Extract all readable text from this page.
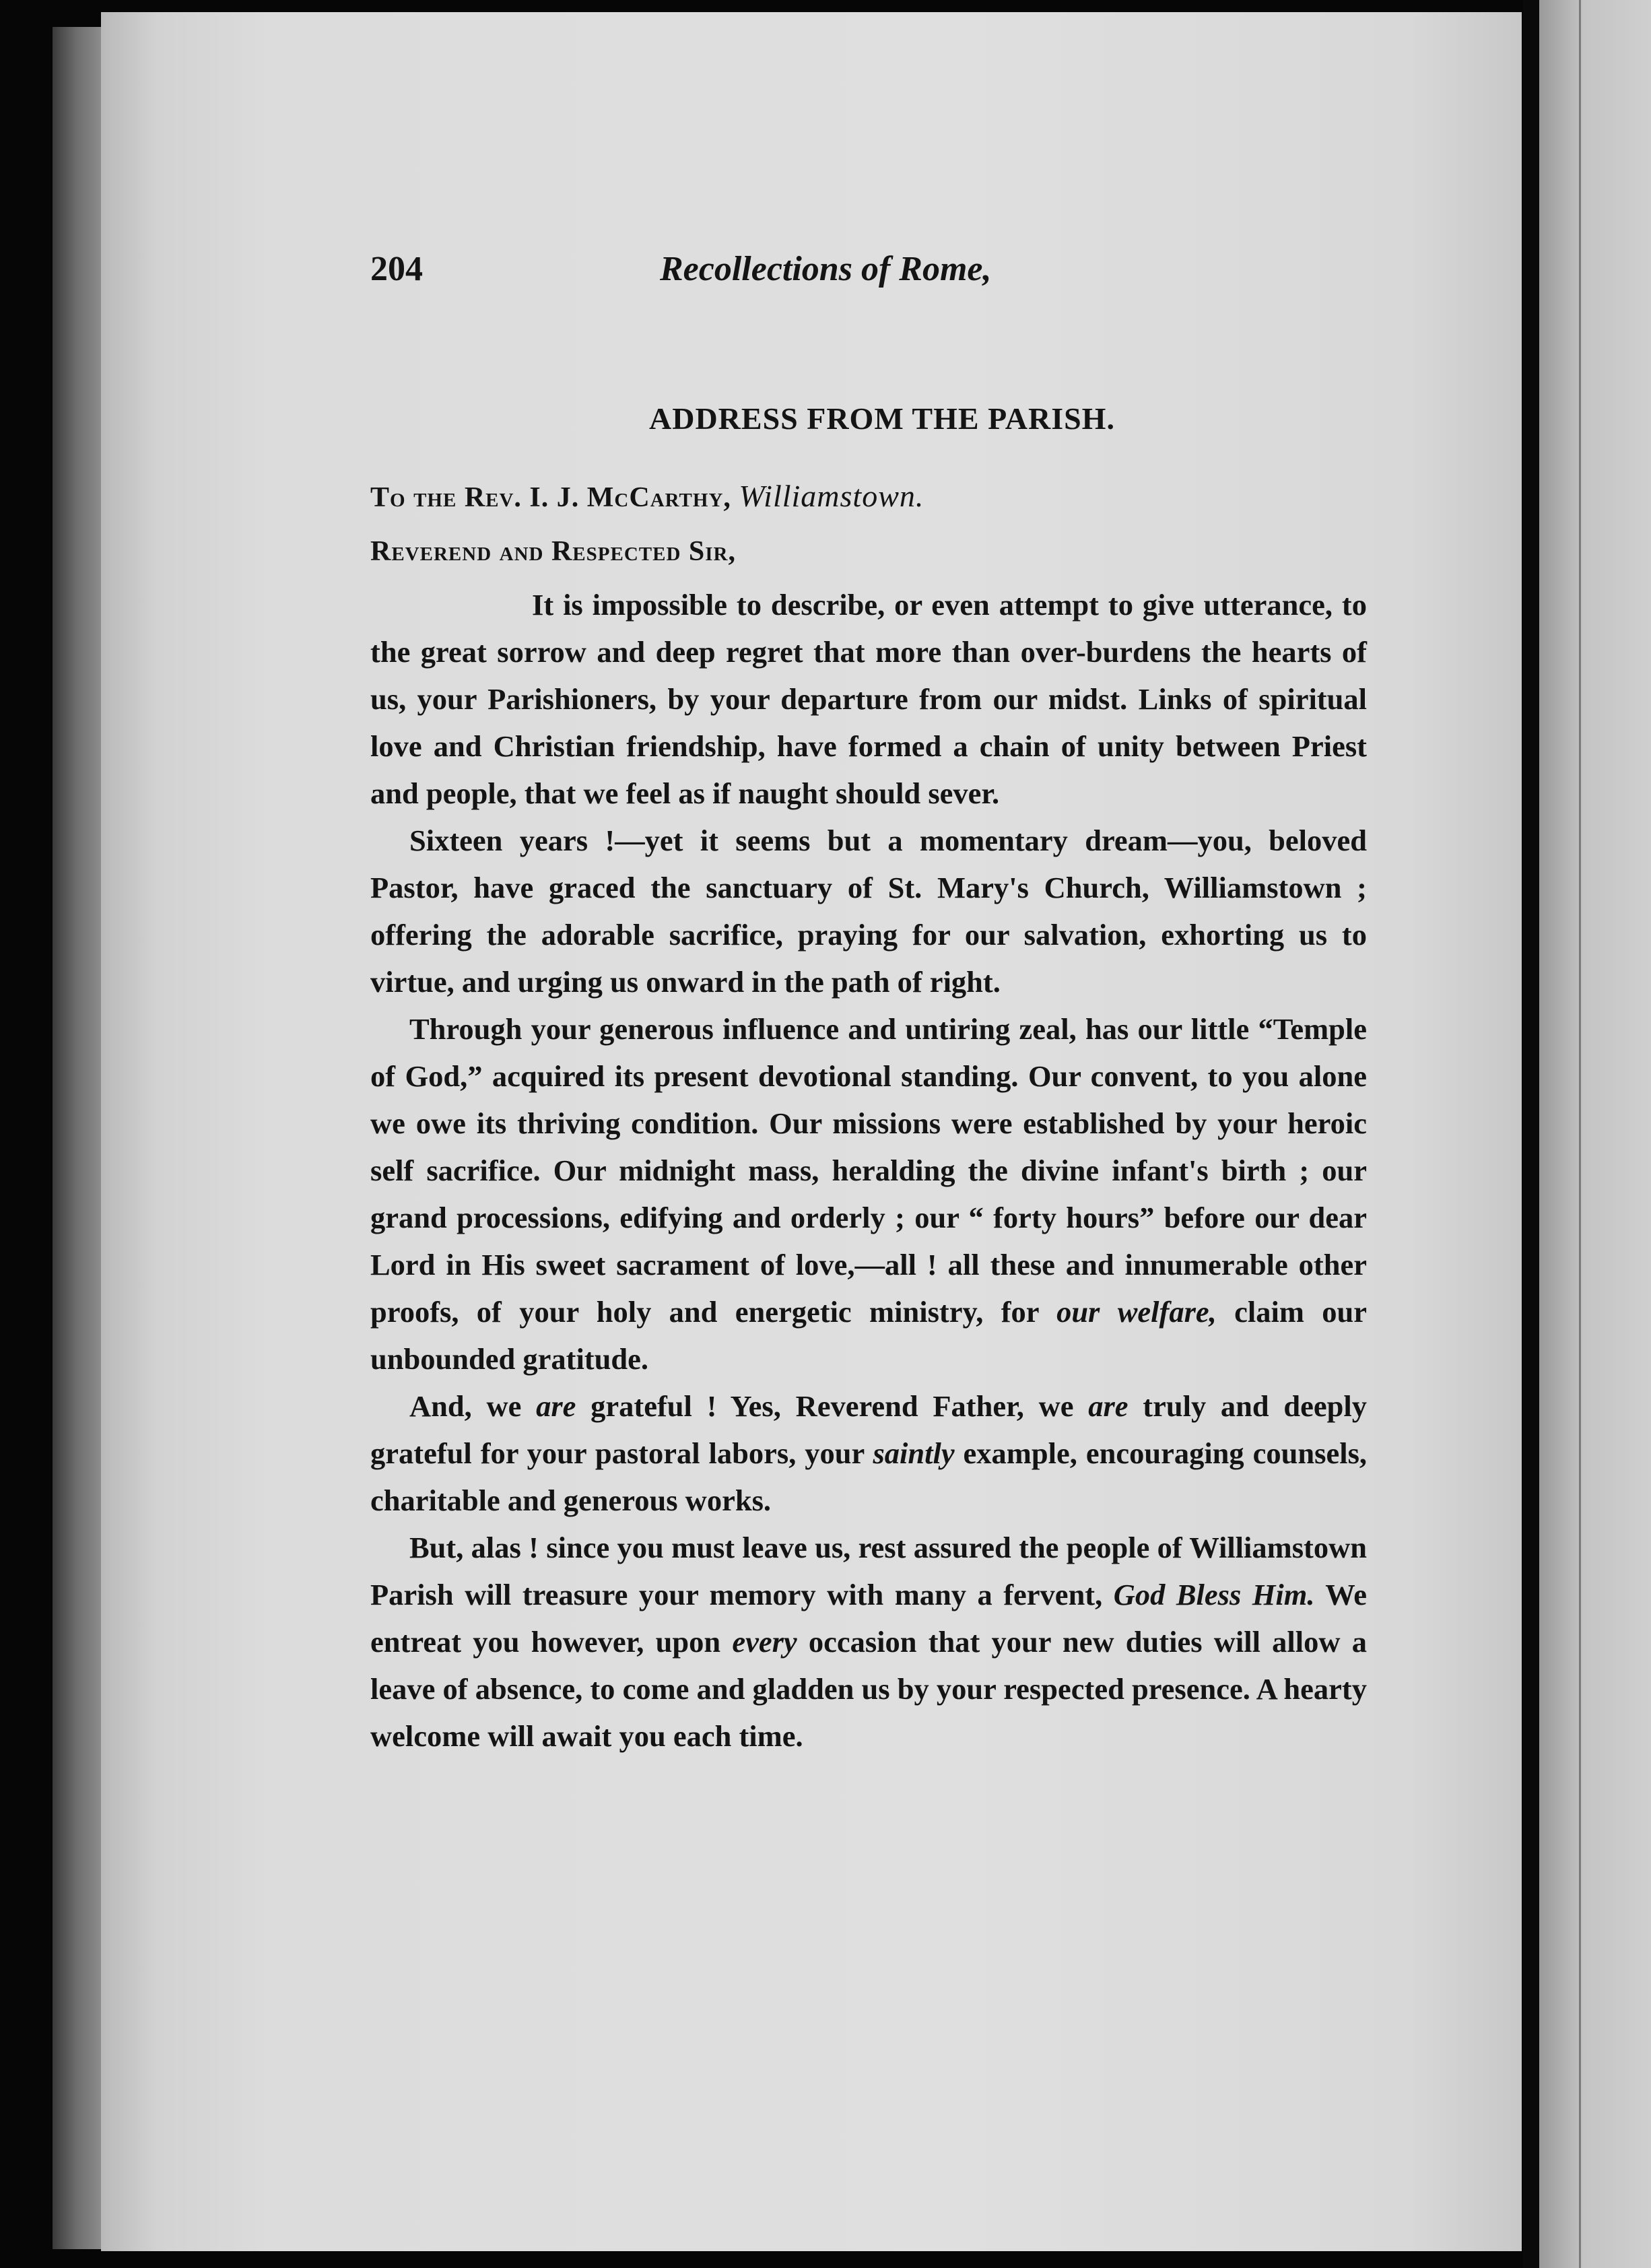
204	Recollections of Rome,
ADDRESS FROM THE PARISH.
To the Rev. I. J. McCarthy, Williamstown.
Reverend and Respected Sir,

It is impossible to describe, or even attempt to give utterance, to the great sorrow and deep regret that more than over-burdens the hearts of us, your Parishioners, by your departure from our midst. Links of spiritual love and Christian friendship, have formed a chain of unity between Priest and people, that we feel as if naught should sever.

Sixteen years !—yet it seems but a momentary dream—you, beloved Pastor, have graced the sanctuary of St. Mary's Church, Williamstown ; offering the adorable sacrifice, praying for our salvation, exhorting us to virtue, and urging us onward in the path of right.

Through your generous influence and untiring zeal, has our little “Temple of God,” acquired its present devotional standing. Our convent, to you alone we owe its thriving condition. Our missions were established by your heroic self sacrifice. Our midnight mass, heralding the divine infant's birth ; our grand processions, edifying and orderly ; our “ forty hours” before our dear Lord in His sweet sacrament of love,—all ! all these and innumerable other proofs, of your holy and energetic ministry, for our welfare, claim our unbounded gratitude.

And, we are grateful ! Yes, Reverend Father, we are truly and deeply grateful for your pastoral labors, your saintly example, encouraging counsels, charitable and generous works.

But, alas ! since you must leave us, rest assured the people of Williamstown Parish will treasure your memory with many a fervent, God Bless Him. We entreat you however, upon every occasion that your new duties will allow a leave of absence, to come and gladden us by your respected presence. A hearty welcome will await you each time.
